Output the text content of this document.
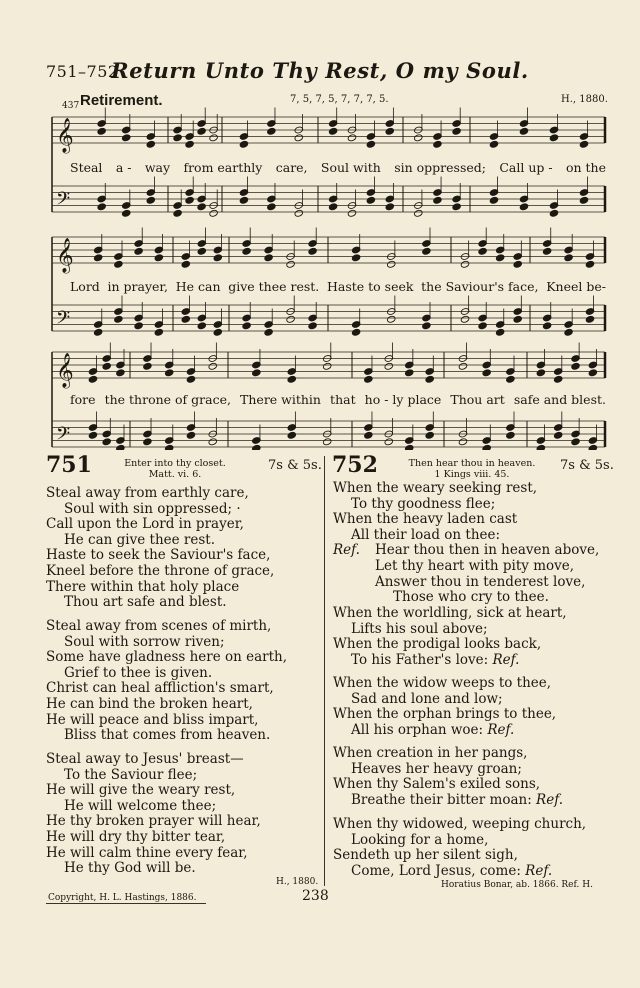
751–752
Return Unto Thy Rest, O my Soul.
437 Retirement.	7, 5, 7, 5, 7, 7, 7, 5.	H., 1880.
𝄞
𝄢
𝄞
𝄢
𝄞
𝄢
Steal a - way from earthly care, Soul with sin oppressed; Call up - on the
Lord in prayer, He can give thee rest. Haste to seek the Saviour's face, Kneel be-
fore the throne of grace, There within that ho - ly place Thou art safe and blest.
751	Enter into thy closet.
Matt. vi. 6.
7s & 5s.
Steal away from earthly care,
Soul with sin oppressed; ·
Call upon the Lord in prayer,
He can give thee rest.
Haste to seek the Saviour's face,
Kneel before the throne of grace,
There within that holy place
Thou art safe and blest.
Steal away from scenes of mirth,
Soul with sorrow riven;
Some have gladness here on earth,
Grief to thee is given.
Christ can heal affliction's smart,
He can bind the broken heart,
He will peace and bliss impart,
Bliss that comes from heaven.
Steal away to Jesus' breast—
To the Saviour flee;
He will give the weary rest,
He will welcome thee;
He thy broken prayer will hear,
He will dry thy bitter tear,
He will calm thine every fear,
He thy God will be.
H., 1880.
752	Then hear thou in heaven.
1 Kings viii. 45.
7s & 5s.
When the weary seeking rest,
To thy goodness flee;
When the heavy laden cast
All their load on thee:
Ref.	Hear thou then in heaven above,
Let thy heart with pity move,
Answer thou in tenderest love,
Those who cry to thee.
When the worldling, sick at heart,
Lifts his soul above;
When the prodigal looks back,
To his Father's love: Ref.
When the widow weeps to thee,
Sad and lone and low;
When the orphan brings to thee,
All his orphan woe: Ref.
When creation in her pangs,
Heaves her heavy groan;
When thy Salem's exiled sons,
Breathe their bitter moan: Ref.
When thy widowed, weeping church,
Looking for a home,
Sendeth up her silent sigh,
Come, Lord Jesus, come: Ref.
Horatius Bonar, ab. 1866. Ref. H.
Copyright, H. L. Hastings, 1886.	238
